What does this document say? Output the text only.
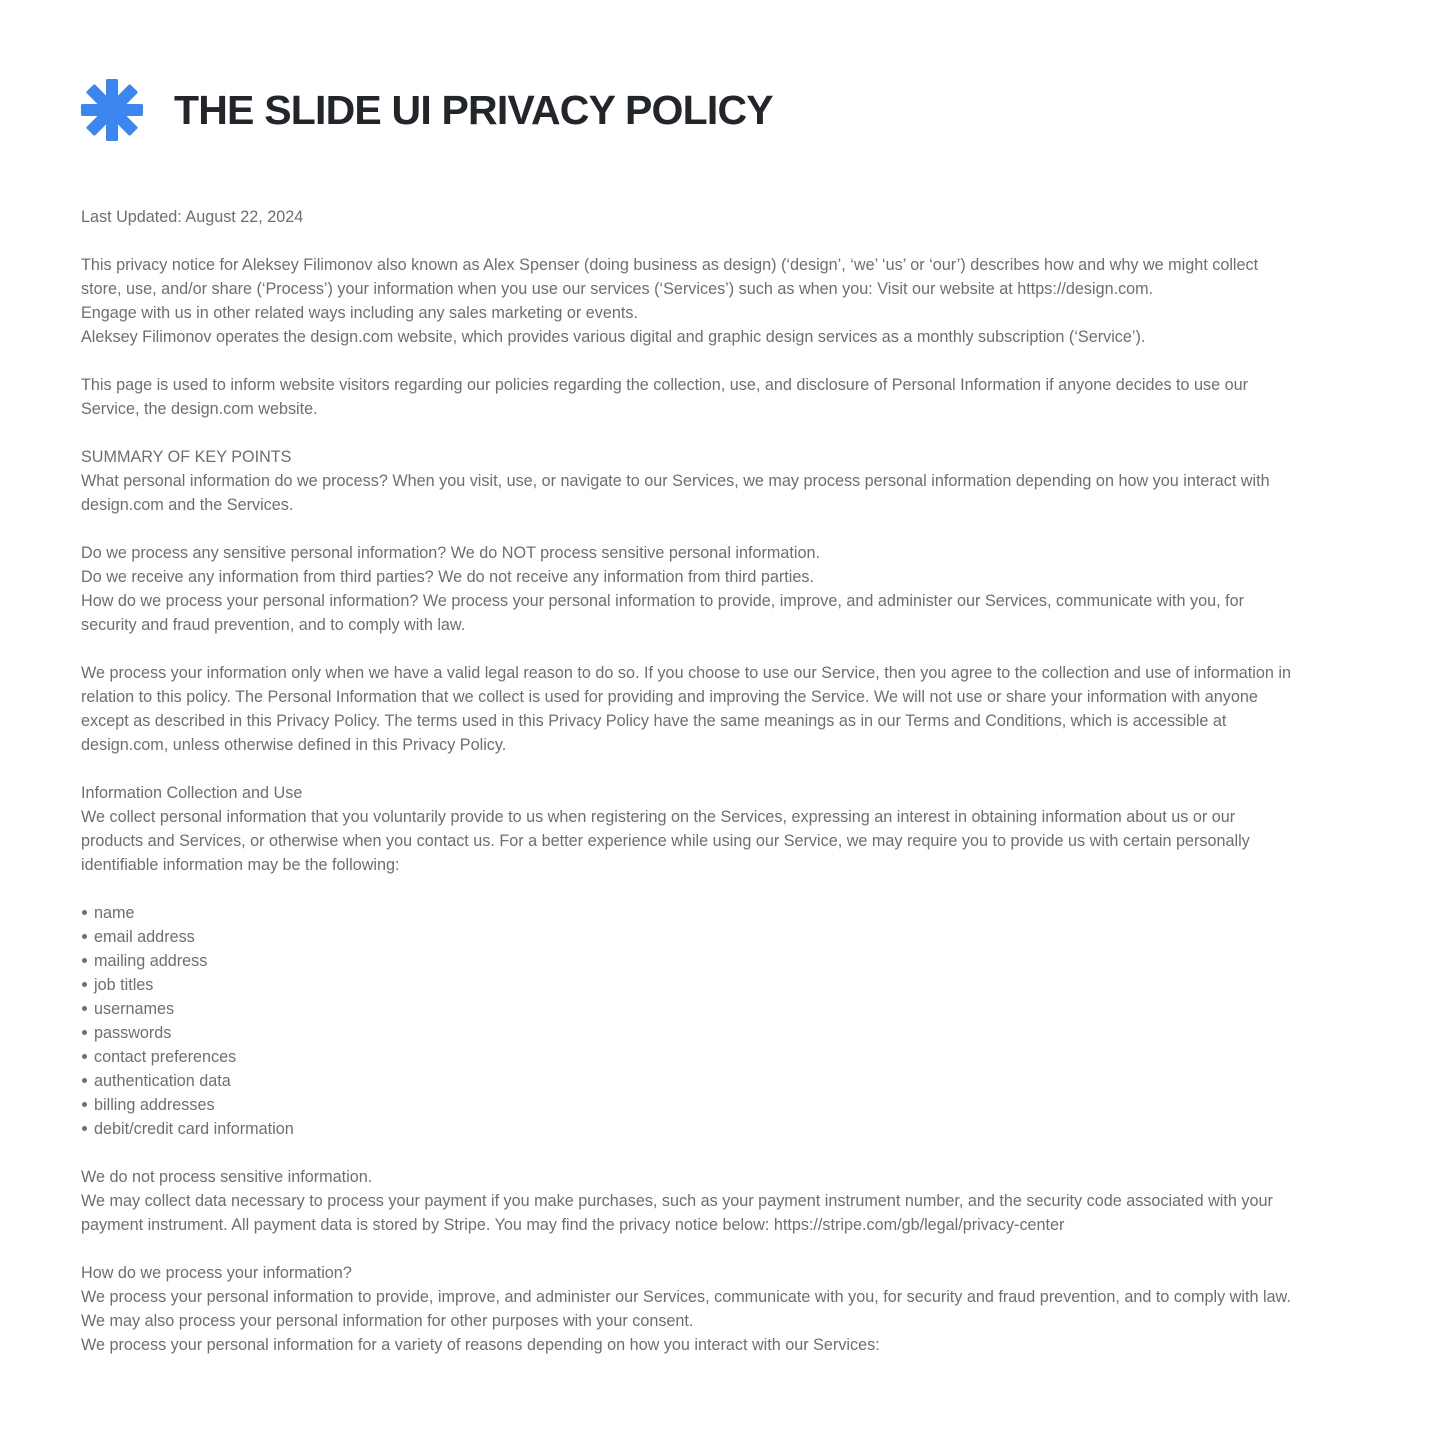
THE SLIDE UI PRIVACY POLICY

Last Updated: August 22, 2024

This privacy notice for Aleksey Filimonov also known as Alex Spenser (doing business as design) (‘design’, ‘we’ ‘us’ or ‘our’) describes how and why we might collect
store, use, and/or share (‘Process’) your information when you use our services (‘Services’) such as when you: Visit our website at https://design.com.
Engage with us in other related ways including any sales marketing or events.
Aleksey Filimonov operates the design.com website, which provides various digital and graphic design services as a monthly subscription (‘Service’).

This page is used to inform website visitors regarding our policies regarding the collection, use, and disclosure of Personal Information if anyone decides to use our
Service, the design.com website.

SUMMARY OF KEY POINTS
What personal information do we process? When you visit, use, or navigate to our Services, we may process personal information depending on how you interact with
design.com and the Services.

Do we process any sensitive personal information? We do NOT process sensitive personal information.
Do we receive any information from third parties? We do not receive any information from third parties.
How do we process your personal information? We process your personal information to provide, improve, and administer our Services, communicate with you, for
security and fraud prevention, and to comply with law.

We process your information only when we have a valid legal reason to do so. If you choose to use our Service, then you agree to the collection and use of information in
relation to this policy. The Personal Information that we collect is used for providing and improving the Service. We will not use or share your information with anyone
except as described in this Privacy Policy. The terms used in this Privacy Policy have the same meanings as in our Terms and Conditions, which is accessible at
design.com, unless otherwise defined in this Privacy Policy.

Information Collection and Use
We collect personal information that you voluntarily provide to us when registering on the Services, expressing an interest in obtaining information about us or our
products and Services, or otherwise when you contact us. For a better experience while using our Service, we may require you to provide us with certain personally
identifiable information may be the following:

name
email address
mailing address
job titles
usernames
passwords
contact preferences
authentication data
billing addresses
debit/credit card information

We do not process sensitive information.
We may collect data necessary to process your payment if you make purchases, such as your payment instrument number, and the security code associated with your
payment instrument. All payment data is stored by Stripe. You may find the privacy notice below: https://stripe.com/gb/legal/privacy-center

How do we process your information?
We process your personal information to provide, improve, and administer our Services, communicate with you, for security and fraud prevention, and to comply with law.
We may also process your personal information for other purposes with your consent.
We process your personal information for a variety of reasons depending on how you interact with our Services:
